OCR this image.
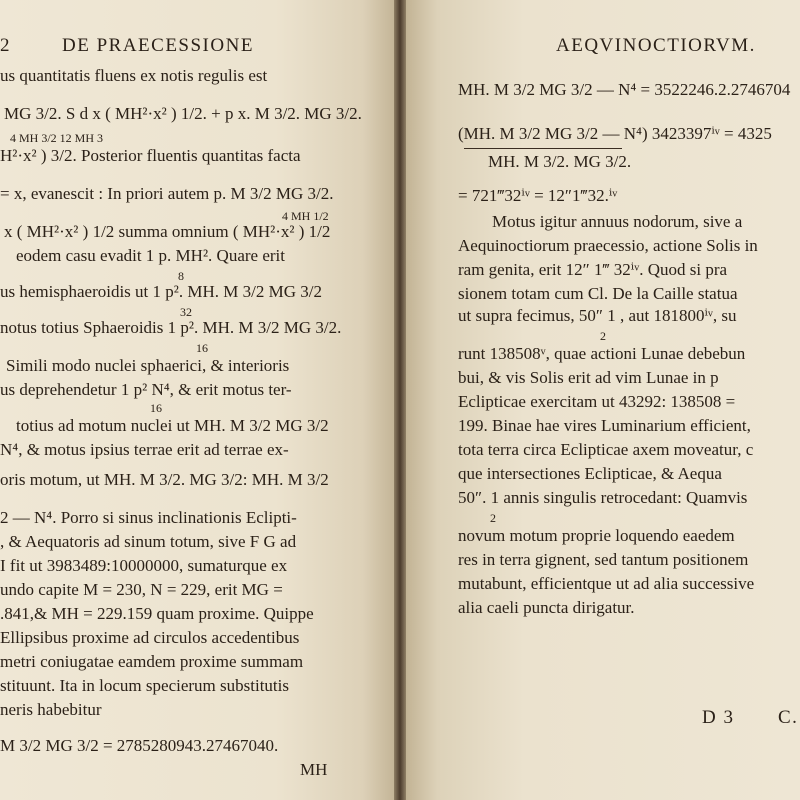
2	DE PRAECESSIONE
us quantitatis fluens ex notis regulis est
MG 3/2. S d x ( MH²·x² ) 1/2. + p x. M 3/2. MG 3/2.
4 MH 3/2 12 MH 3
H²·x² ) 3/2. Posterior fluentis quantitas facta
= x, evanescit : In priori autem p. M 3/2 MG 3/2.
4 MH 1/2
x ( MH²·x² ) 1/2 summa omnium ( MH²·x² ) 1/2
eodem casu evadit 1 p. MH². Quare erit
8
us hemisphaeroidis ut 1 p². MH. M 3/2 MG 3/2
32
notus totius Sphaeroidis 1 p². MH. M 3/2 MG 3/2.
16
Simili modo nuclei sphaerici, & interioris
us deprehendetur 1 p² N⁴, & erit motus ter-
16
totius ad motum nuclei ut MH. M 3/2 MG 3/2
N⁴, & motus ipsius terrae erit ad terrae ex-
oris motum, ut MH. M 3/2. MG 3/2: MH. M 3/2
2 — N⁴. Porro si sinus inclinationis Eclipti-
, & Aequatoris ad sinum totum, sive F G ad
I fit ut 3983489:10000000, sumaturque ex
undo capite M = 230, N = 229, erit MG =
.841,& MH = 229.159 quam proxime. Quippe
Ellipsibus proxime ad circulos accedentibus
metri coniugatae eamdem proxime summam
stituunt. Ita in locum specierum substitutis
neris habebitur
M 3/2 MG 3/2 = 2785280943.27467040.
MH
AEQVINOCTIORVM.
MH. M 3/2 MG 3/2 — N⁴ = 3522246.2.2746704
(MH. M 3/2 MG 3/2 — N⁴) 3423397ⁱᵛ = 4325
MH. M 3/2. MG 3/2.
= 721‴32ⁱᵛ = 12″1‴32.ⁱᵛ
Motus igitur annuus nodorum, sive a
Aequinoctiorum praecessio, actione Solis in
ram genita, erit 12″ 1‴ 32ⁱᵛ. Quod si pra
sionem totam cum Cl. De la Caille statua
ut supra fecimus, 50″ 1 , aut 181800ⁱᵛ, su
2
runt 138508ᵛ, quae actioni Lunae debebun
bui, & vis Solis erit ad vim Lunae in p
Eclipticae exercitam ut 43292: 138508 =
199. Binae hae vires Luminarium efficient,
tota terra circa Eclipticae axem moveatur, c
que intersectiones Eclipticae, & Aequa
50″. 1 annis singulis retrocedant: Quamvis
2
novum motum proprie loquendo eaedem
res in terra gignent, sed tantum positionem
mutabunt, efficientque ut ad alia successive
alia caeli puncta dirigatur.
D 3 C.
